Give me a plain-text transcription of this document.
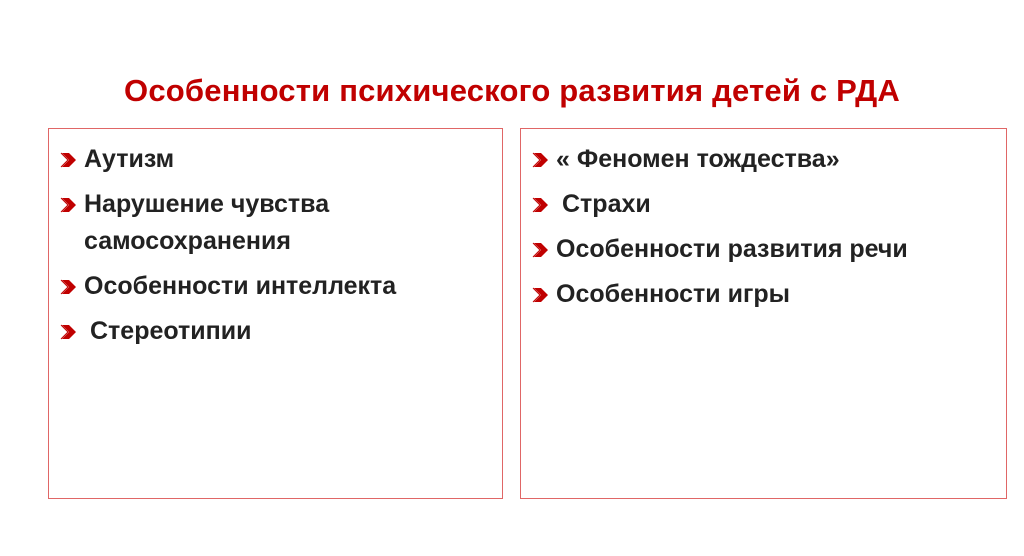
Особенности психического развития детей с РДА
Аутизм
Нарушение чувства самосохранения
Особенности интеллекта
Стереотипии
« Феномен тождества»
Страхи
Особенности развития речи
Особенности игры
